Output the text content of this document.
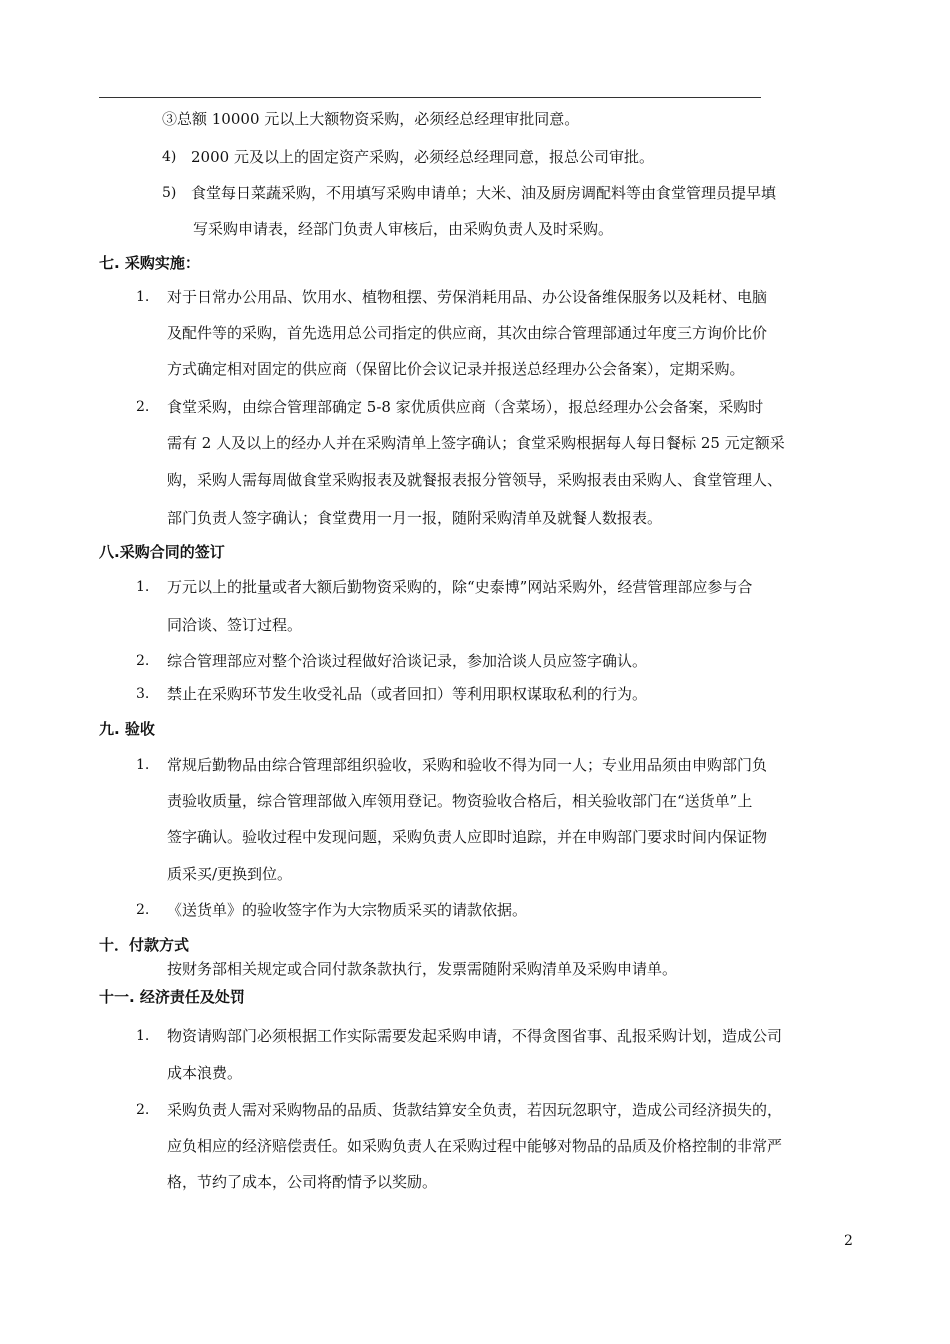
③总额 10000 元以上大额物资采购，必须经总经理审批同意。
4) 2000 元及以上的固定资产采购，必须经总经理同意，报总公司审批。
5) 食堂每日菜蔬采购，不用填写采购申请单；大米、油及厨房调配料等由食堂管理员提早填
写采购申请表，经部门负责人审核后，由采购负责人及时采购。
七. 采购实施：
1. 对于日常办公用品、饮用水、植物租摆、劳保消耗用品、办公设备维保服务以及耗材、电脑
及配件等的采购，首先选用总公司指定的供应商，其次由综合管理部通过年度三方询价比价
方式确定相对固定的供应商（保留比价会议记录并报送总经理办公会备案），定期采购。
2. 食堂采购，由综合管理部确定 5-8 家优质供应商（含菜场），报总经理办公会备案，采购时
需有 2 人及以上的经办人并在采购清单上签字确认；食堂采购根据每人每日餐标 25 元定额采
购，采购人需每周做食堂采购报表及就餐报表报分管领导，采购报表由采购人、食堂管理人、
部门负责人签字确认；食堂费用一月一报，随附采购清单及就餐人数报表。
八.采购合同的签订
1. 万元以上的批量或者大额后勤物资采购的，除“史泰博”网站采购外，经营管理部应参与合
同洽谈、签订过程。
2. 综合管理部应对整个洽谈过程做好洽谈记录，参加洽谈人员应签字确认。
3. 禁止在采购环节发生收受礼品（或者回扣）等利用职权谋取私利的行为。
九. 验收
1. 常规后勤物品由综合管理部组织验收，采购和验收不得为同一人；专业用品须由申购部门负
责验收质量，综合管理部做入库领用登记。物资验收合格后，相关验收部门在“送货单”上
签字确认。验收过程中发现问题，采购负责人应即时追踪，并在申购部门要求时间内保证物
质采买/更换到位。
2. 《送货单》的验收签字作为大宗物质采买的请款依据。
十．付款方式
按财务部相关规定或合同付款条款执行，发票需随附采购清单及采购申请单。
十一. 经济责任及处罚
1. 物资请购部门必须根据工作实际需要发起采购申请，不得贪图省事、乱报采购计划，造成公司
成本浪费。
2. 采购负责人需对采购物品的品质、货款结算安全负责，若因玩忽职守，造成公司经济损失的，
应负相应的经济赔偿责任。如采购负责人在采购过程中能够对物品的品质及价格控制的非常严
格，节约了成本，公司将酌情予以奖励。
2
